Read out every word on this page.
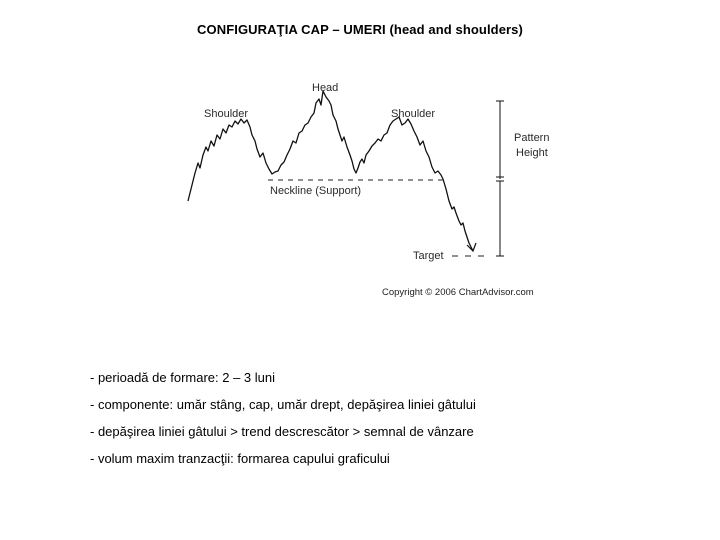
CONFIGURAŢIA CAP – UMERI (head and shoulders)
Head
Shoulder	Shoulder
Neckline (Support)
Pattern
Height
Target
Copyright © 2006 ChartAdvisor.com
- perioadă de formare: 2 – 3 luni
- componente: umăr stâng, cap, umăr drept, depăşirea liniei gâtului
- depăşirea liniei gâtului > trend descrescător > semnal de vânzare
- volum maxim tranzacţii: formarea capului graficului
